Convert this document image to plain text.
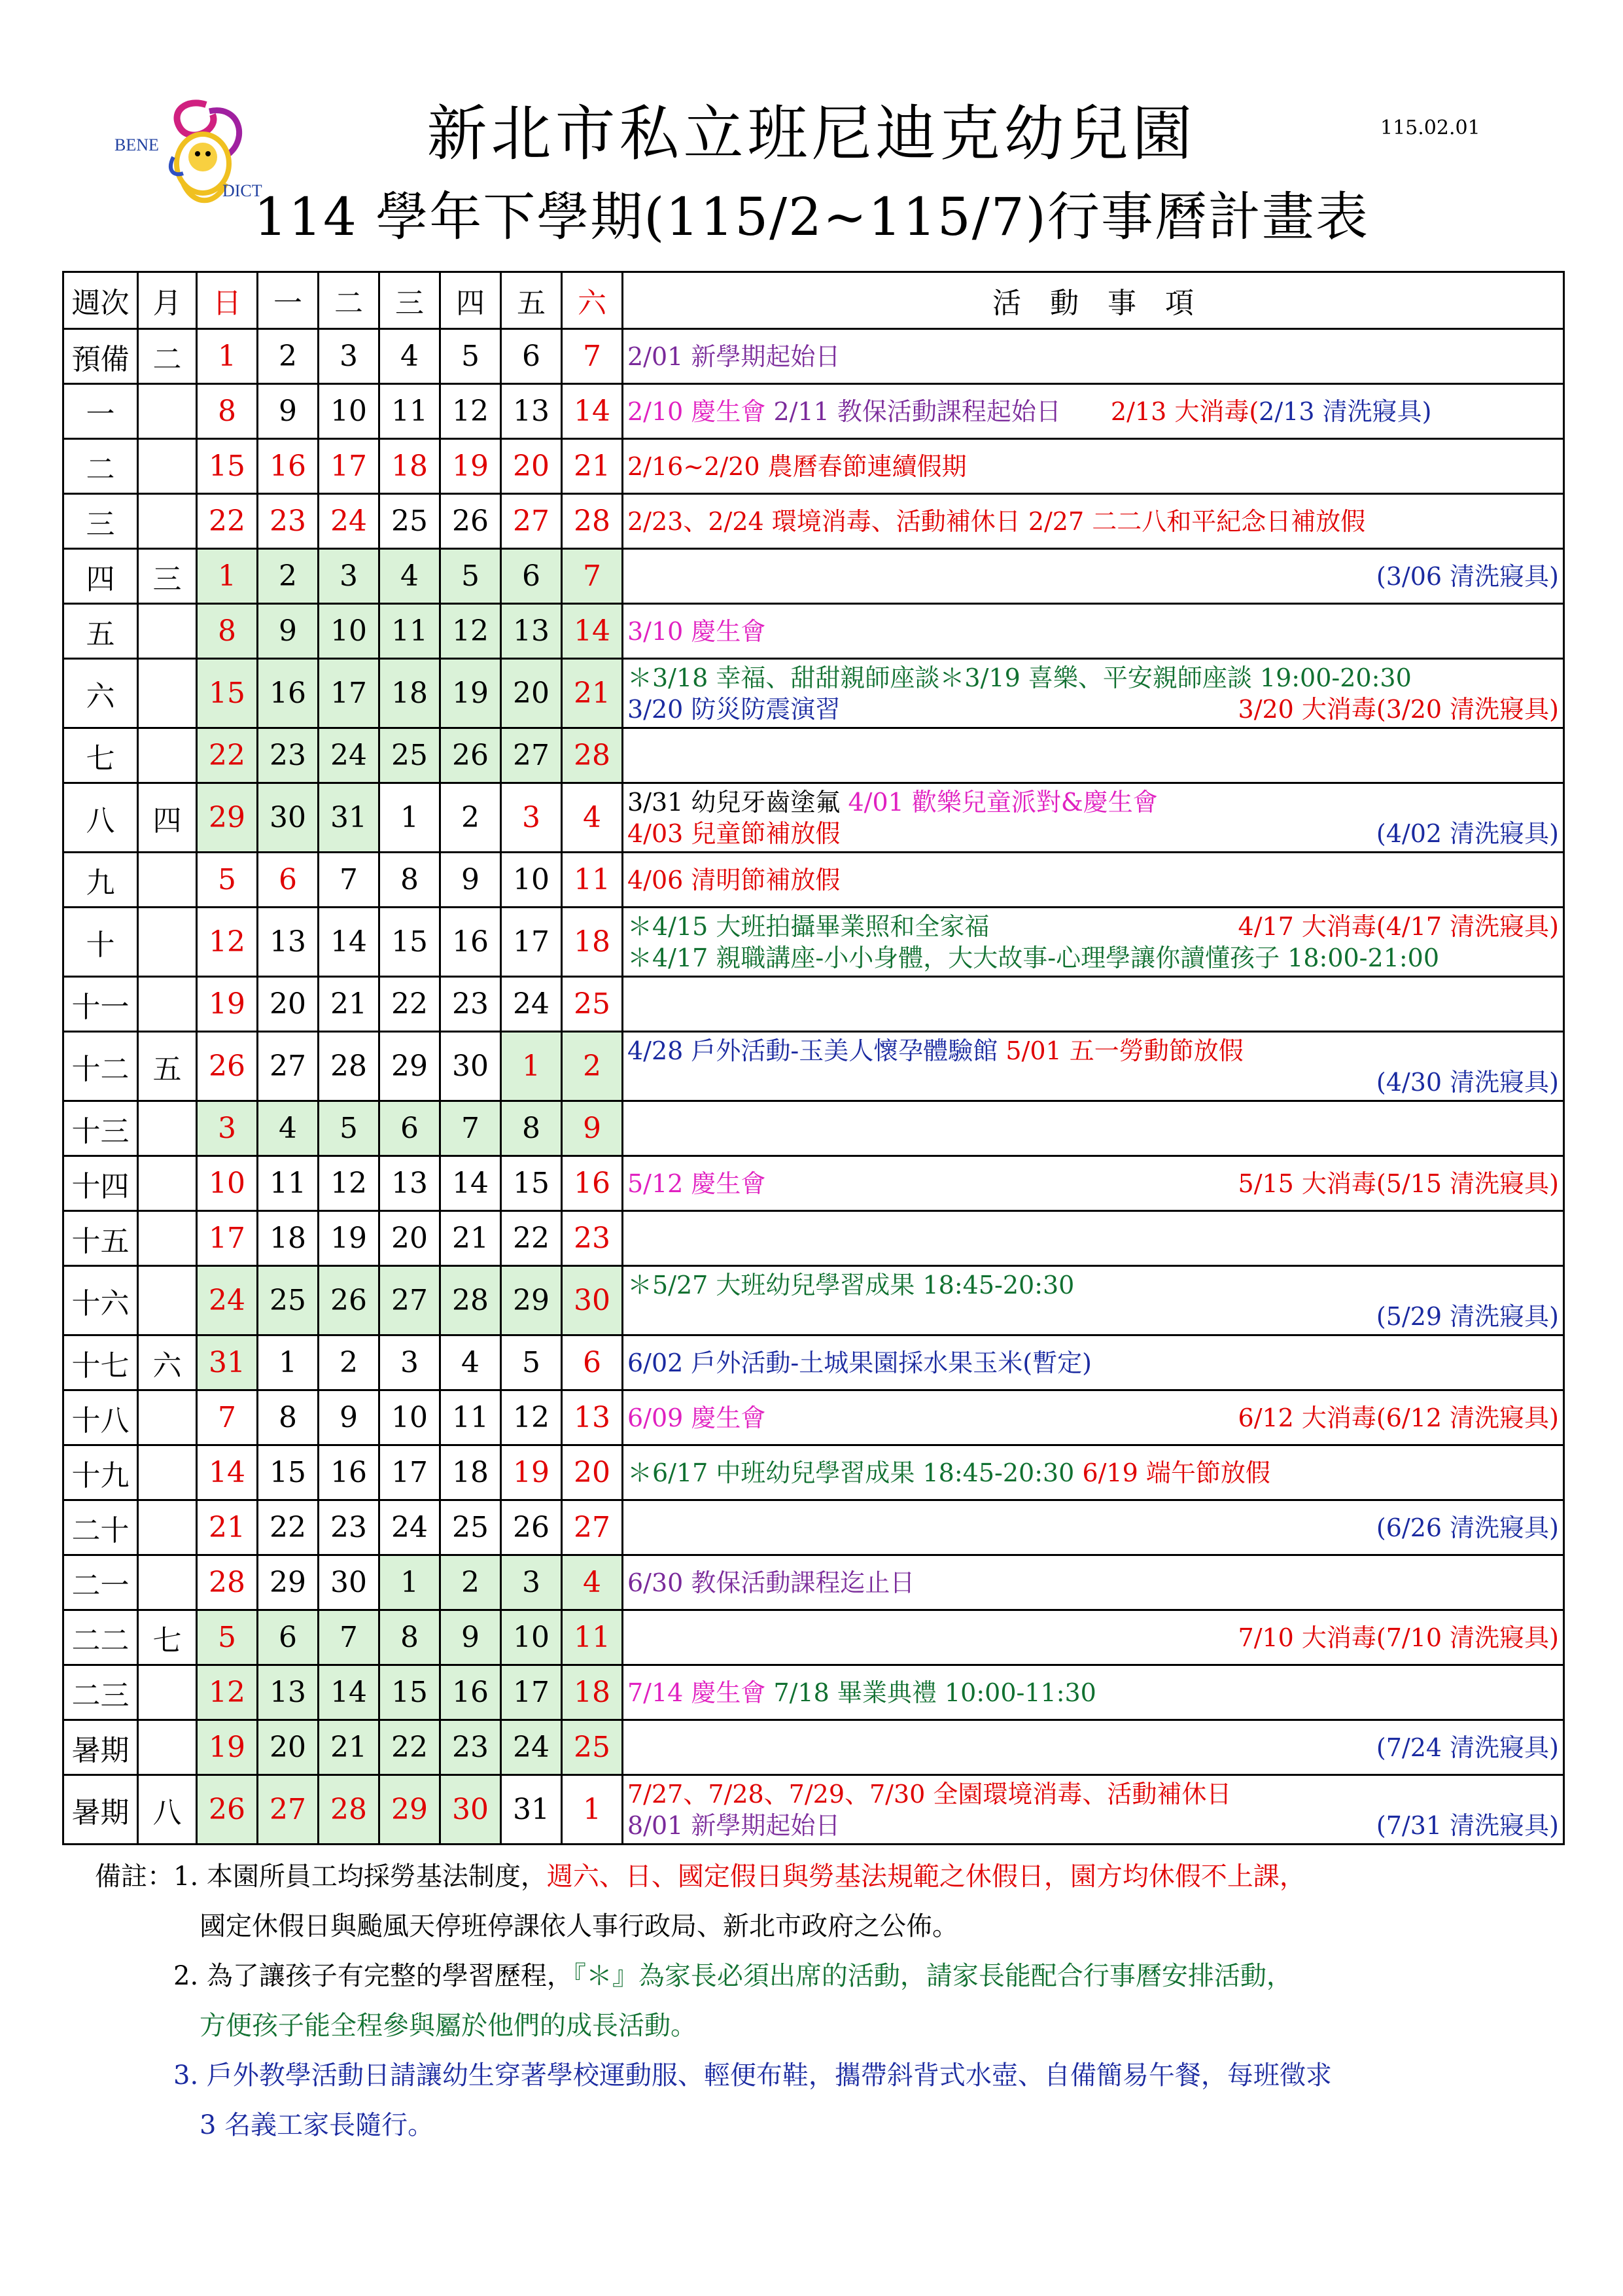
BENE
DICT
新北市私立班尼迪克幼兒園
114 學年下學期(115/2~115/7)行事曆計畫表
115.02.01
週次	月	日	一	二	三	四	五	六	活　動　事　項
預備	二	1	2	3	4	5	6	7	2/01 新學期起始日

一		8	9	10	11	12	13	14	2/10 慶生會 2/11 教保活動課程起始日 　　2/13 大消毒( 2/13 清洗寢具)

二		15	16	17	18	19	20	21	2/16~2/20 農曆春節連續假期

三		22	23	24	25	26	27	28	2/23、2/24 環境消毒、活動補休日 2/27 二二八和平紀念日補放假

四	三	1	2	3	4	5	6	7	(3/06 清洗寢具)

五		8	9	10	11	12	13	14	3/10 慶生會

六		15	16	17	18	19	20	21	＊3/18 幸福、甜甜親師座談＊3/19 喜樂、平安親師座談 19:00-20:30
3/20 防災防震演習 3/20 大消毒(3/20 清洗寢具)

七		22	23	24	25	26	27	28	

八	四	29	30	31	1	2	3	4	3/31 幼兒牙齒塗氟 4/01 歡樂兒童派對&慶生會
4/03 兒童節補放假 (4/02 清洗寢具)

九		5	6	7	8	9	10	11	4/06 清明節補放假

十		12	13	14	15	16	17	18	＊4/15 大班拍攝畢業照和全家福 4/17 大消毒(4/17 清洗寢具)
＊4/17 親職講座-小小身體，大大故事-心理學讓你讀懂孩子 18:00-21:00

十一		19	20	21	22	23	24	25	

十二	五	26	27	28	29	30	1	2	4/28 戶外活動-玉美人懷孕體驗館 5/01 五一勞動節放假
(4/30 清洗寢具)

十三		3	4	5	6	7	8	9	

十四		10	11	12	13	14	15	16	5/12 慶生會 5/15 大消毒(5/15 清洗寢具)

十五		17	18	19	20	21	22	23	

十六		24	25	26	27	28	29	30	＊5/27 大班幼兒學習成果 18:45-20:30
(5/29 清洗寢具)

十七	六	31	1	2	3	4	5	6	6/02 戶外活動-土城果園採水果玉米(暫定)

十八		7	8	9	10	11	12	13	6/09 慶生會 6/12 大消毒(6/12 清洗寢具)

十九		14	15	16	17	18	19	20	＊6/17 中班幼兒學習成果 18:45-20:30 6/19 端午節放假

二十		21	22	23	24	25	26	27	(6/26 清洗寢具)

二一		28	29	30	1	2	3	4	6/30 教保活動課程迄止日

二二	七	5	6	7	8	9	10	11	7/10 大消毒(7/10 清洗寢具)

二三		12	13	14	15	16	17	18	7/14 慶生會 7/18 畢業典禮 10:00-11:30

暑期		19	20	21	22	23	24	25	(7/24 清洗寢具)

暑期	八	26	27	28	29	30	31	1	7/27、7/28、7/29、7/30 全園環境消毒、活動補休日
8/01 新學期起始日 (7/31 清洗寢具)
備註：1. 本園所員工均採勞基法制度，週六、日、國定假日與勞基法規範之休假日，園方均休假不上課，
　　　　國定休假日與颱風天停班停課依人事行政局、新北市政府之公佈。
　　　2. 為了讓孩子有完整的學習歷程，『＊』為家長必須出席的活動，請家長能配合行事曆安排活動，
　　　　方便孩子能全程參與屬於他們的成長活動。
　　　3. 戶外教學活動日請讓幼生穿著學校運動服、輕便布鞋，攜帶斜背式水壺、自備簡易午餐，每班徵求
　　　　3 名義工家長隨行。
